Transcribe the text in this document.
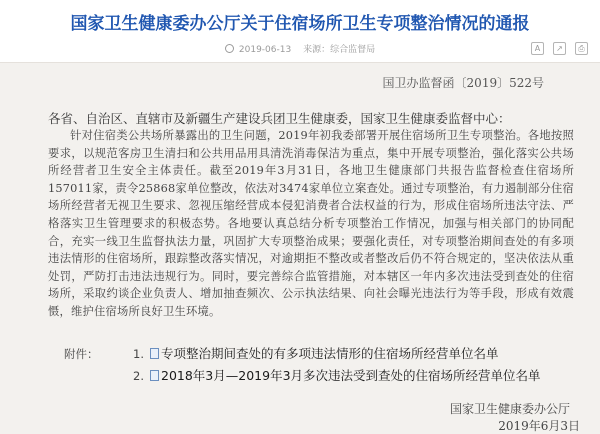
国家卫生健康委办公厅关于住宿场所卫生专项整治情况的通报
2019-06-13 来源：综合监督局	A	↗	⎙
国卫办监督函〔2019〕522号
各省、自治区、直辖市及新疆生产建设兵团卫生健康委，国家卫生健康委监督中心：
针对住宿类公共场所暴露出的卫生问题，2019年初我委部署开展住宿场所卫生专项整治。各地按照要求，以规范客房卫生清扫和公共用品用具清洗消毒保洁为重点，集中开展专项整治，强化落实公共场所经营者卫生安全主体责任。截至2019年3月31日，各地卫生健康部门共报告监督检查住宿场所157011家，责令25868家单位整改，依法对3474家单位立案查处。通过专项整治，有力遏制部分住宿场所经营者无视卫生要求、忽视压缩经营成本侵犯消费者合法权益的行为，形成住宿场所违法守法、严格落实卫生管理要求的积极态势。各地要认真总结分析专项整治工作情况，加强与相关部门的协同配合，充实一线卫生监督执法力量，巩固扩大专项整治成果；要强化责任，对专项整治期间查处的有多项违法情形的住宿场所，跟踪整改落实情况，对逾期拒不整改或者整改后仍不符合规定的，坚决依法从重处罚，严防打击违法违规行为。同时，要完善综合监管措施，对本辖区一年内多次违法受到查处的住宿场所，采取约谈企业负责人、增加抽查频次、公示执法结果、向社会曝光违法行为等手段，形成有效震慑，维护住宿场所良好卫生环境。
附件：	1. 专项整治期间查处的有多项违法情形的住宿场所经营单位名单
2. 2018年3月—2019年3月多次违法受到查处的住宿场所经营单位名单
国家卫生健康委办公厅
2019年6月3日
